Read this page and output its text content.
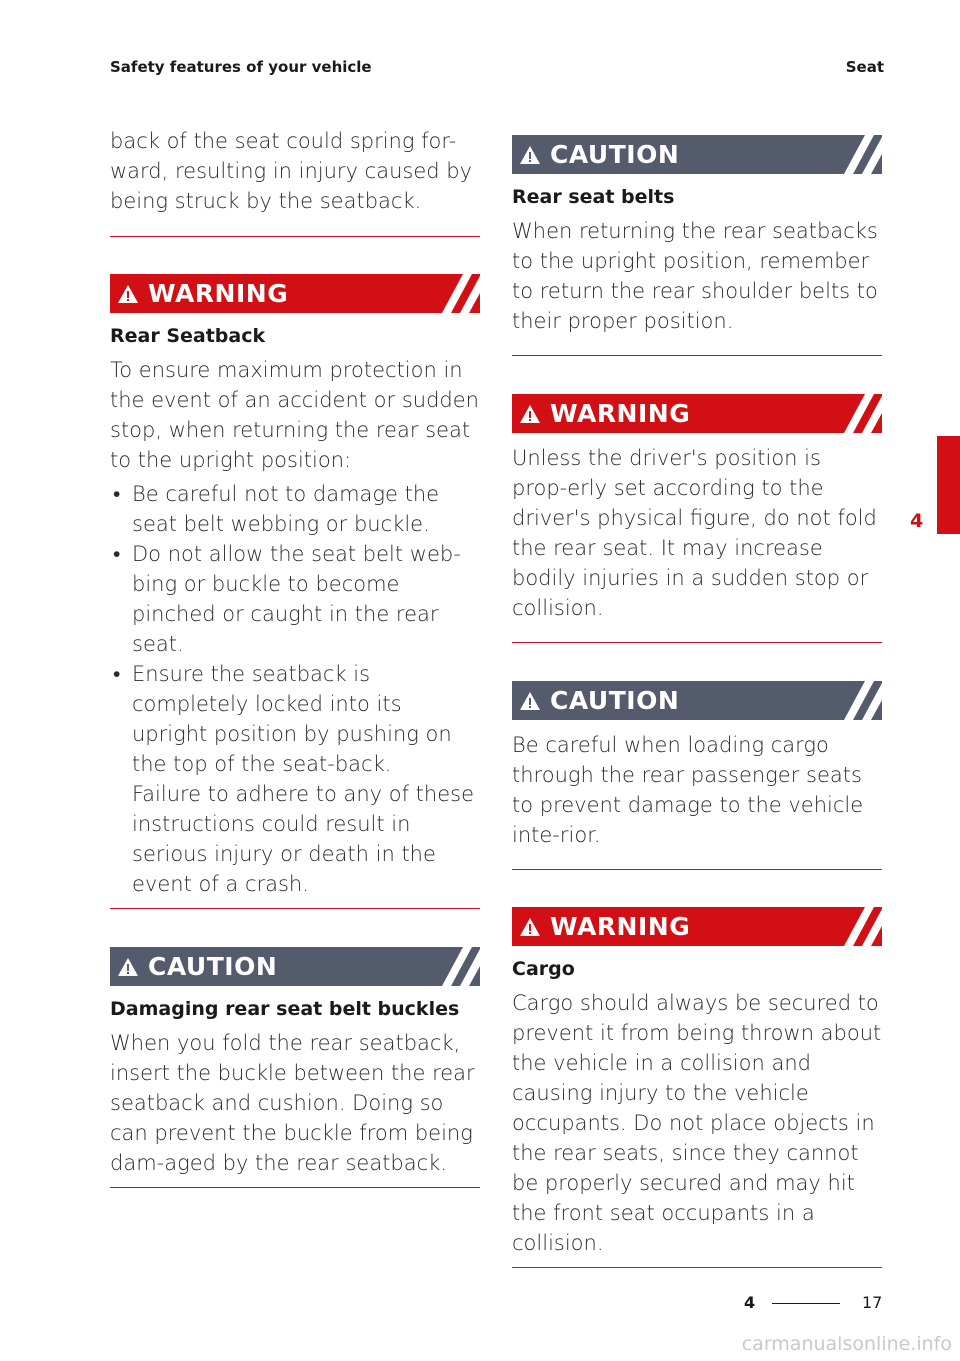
Safety features of your vehicle	Seat

back of the seat could spring for-ward, resulting in injury caused by being struck by the seatback.

WARNING
Rear Seatback

To ensure maximum protection in the event of an accident or sudden stop, when returning the rear seat to the upright position:

• Be careful not to damage the seat belt webbing or buckle.
• Do not allow the seat belt web-bing or buckle to become pinched or caught in the rear seat.
• Ensure the seatback is completely locked into its upright position by pushing on the top of the seat-back.
Failure to adhere to any of these instructions could result in serious injury or death in the event of a crash.
CAUTION
Damaging rear seat belt buckles

When you fold the rear seatback, insert the buckle between the rear seatback and cushion. Doing so can prevent the buckle from being dam-aged by the rear seatback.

CAUTION
Rear seat belts

When returning the rear seatbacks to the upright position, remember to return the rear shoulder belts to their proper position.

WARNING

Unless the driver's position is prop-erly set according to the driver's physical figure, do not fold the rear seat. It may increase bodily injuries in a sudden stop or collision.

CAUTION

Be careful when loading cargo through the rear passenger seats to prevent damage to the vehicle inte-rior.

WARNING
Cargo

Cargo should always be secured to prevent it from being thrown about the vehicle in a collision and causing injury to the vehicle occupants. Do not place objects in the rear seats, since they cannot be properly secured and may hit the front seat occupants in a collision.

4
4	17
carmanualsonline.info
